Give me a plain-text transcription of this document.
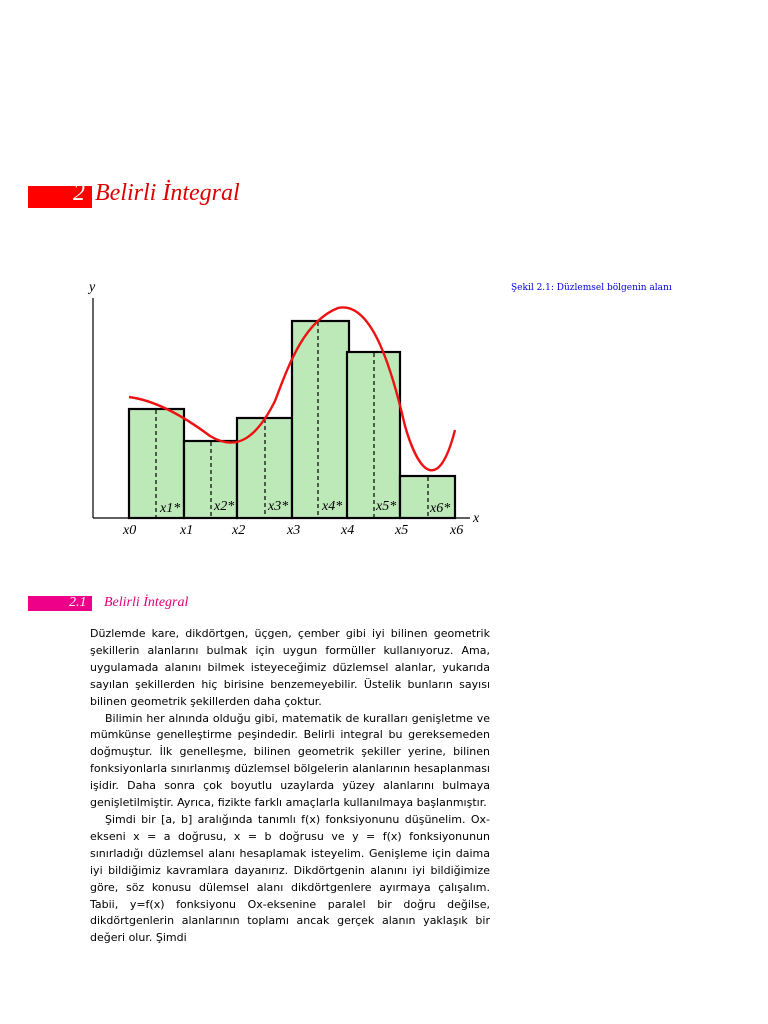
2 Belirli İntegral
y
x
x1* x2* x3* x4* x5* x6*
x0	x1	x2	x3	x4	x5	x6
Şekil 2.1: Düzlemsel bölgenin alanı
2.1 Belirli İntegral

Düzlemde kare, dikdörtgen, üçgen, çember gibi iyi bilinen geometrik şekillerin alanlarını bulmak için uygun formüller kullanıyoruz. Ama, uygulamada alanını bilmek isteyeceğimiz düzlemsel alanlar, yukarıda sayılan şekillerden hiç birisine benzemeyebilir. Üstelik bunların sayısı bilinen geometrik şekillerden daha çoktur.

Bilimin her alnında olduğu gibi, matematik de kuralları genişletme ve mümkünse genelleştirme peşindedir. Belirli integral bu gereksemeden doğmuştur. İlk genelleşme, bilinen geometrik şekiller yerine, bilinen fonksiyonlarla sınırlanmış düzlemsel bölgelerin alanlarının hesaplanması işidir. Daha sonra çok boyutlu uzaylarda yüzey alanlarını bulmaya genişletilmiştir. Ayrıca, fizikte farklı amaçlarla kullanılmaya başlanmıştır.

Şimdi bir [a, b] aralığında tanımlı f(x) fonksiyonunu düşünelim. Ox- ekseni x = a doğrusu, x = b doğrusu ve y = f(x) fonksiyonunun sınırladığı düzlemsel alanı hesaplamak isteyelim. Genişleme için daima iyi bildiğimiz kavramlara dayanırız. Dikdörtgenin alanını iyi bildiğimize göre, söz konusu dülemsel alanı dikdörtgenlere ayırmaya çalışalım. Tabii, y=f(x) fonksiyonu Ox-eksenine paralel bir doğru değilse, dikdörtgenlerin alanlarının toplamı ancak gerçek alanın yaklaşık bir değeri olur. Şimdi
